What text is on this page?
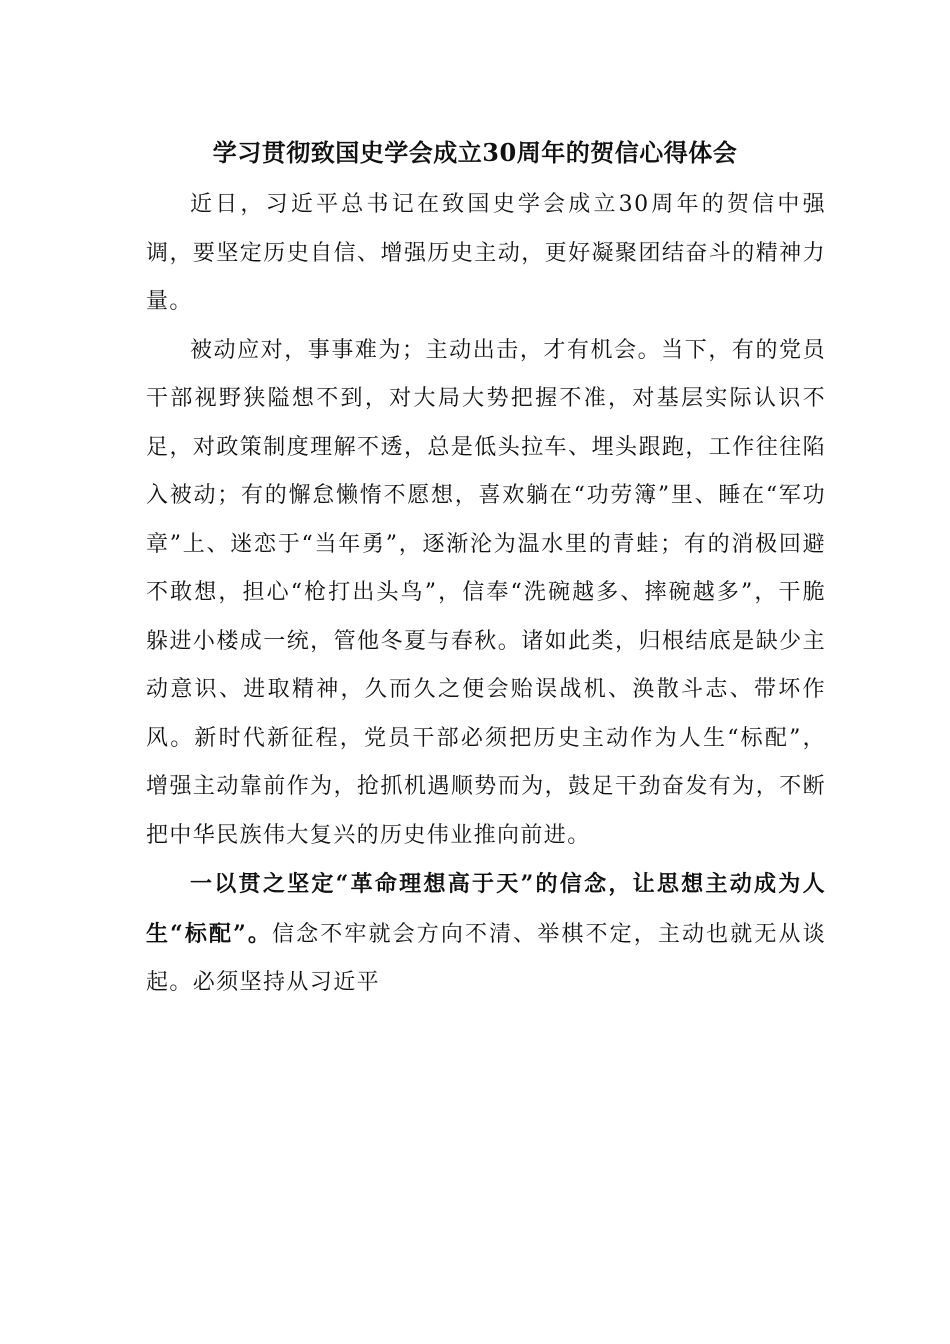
学习贯彻致国史学会成立30周年的贺信心得体会

近日，习近平总书记在致国史学会成立30周年的贺信中强调，要坚定历史自信、增强历史主动，更好凝聚团结奋斗的精神力量。

被动应对，事事难为；主动出击，才有机会。当下，有的党员干部视野狭隘想不到，对大局大势把握不准，对基层实际认识不足，对政策制度理解不透，总是低头拉车、埋头跟跑，工作往往陷入被动；有的懈怠懒惰不愿想，喜欢躺在“功劳簿”里、睡在“军功章”上、迷恋于“当年勇”，逐渐沦为温水里的青蛙；有的消极回避不敢想，担心“枪打出头鸟”，信奉“洗碗越多、摔碗越多”，干脆躲进小楼成一统，管他冬夏与春秋。诸如此类，归根结底是缺少主动意识、进取精神，久而久之便会贻误战机、涣散斗志、带坏作风。新时代新征程，党员干部必须把历史主动作为人生“标配”，增强主动靠前作为，抢抓机遇顺势而为，鼓足干劲奋发有为，不断把中华民族伟大复兴的历史伟业推向前进。

一以贯之坚定“革命理想高于天”的信念，让思想主动成为人生“标配”。信念不牢就会方向不清、举棋不定，主动也就无从谈起。必须坚持从习近平
